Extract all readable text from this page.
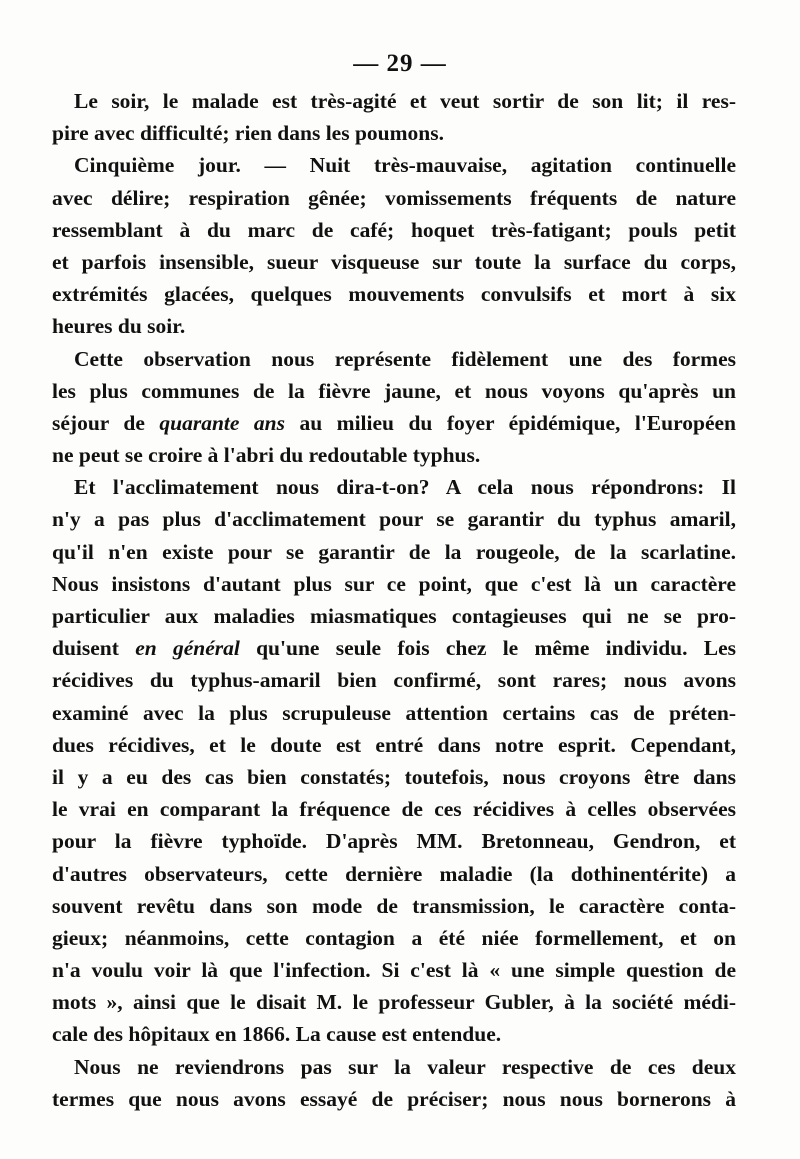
— 29 —
Le soir, le malade est très-agité et veut sortir de son lit; il res-
pire avec difficulté; rien dans les poumons.
Cinquième jour. — Nuit très-mauvaise, agitation continuelle
avec délire; respiration gênée; vomissements fréquents de nature
ressemblant à du marc de café; hoquet très-fatigant; pouls petit
et parfois insensible, sueur visqueuse sur toute la surface du corps,
extrémités glacées, quelques mouvements convulsifs et mort à six
heures du soir.
Cette observation nous représente fidèlement une des formes
les plus communes de la fièvre jaune, et nous voyons qu'après un
séjour de quarante ans au milieu du foyer épidémique, l'Européen
ne peut se croire à l'abri du redoutable typhus.
Et l'acclimatement nous dira-t-on? A cela nous répondrons: Il
n'y a pas plus d'acclimatement pour se garantir du typhus amaril,
qu'il n'en existe pour se garantir de la rougeole, de la scarlatine.
Nous insistons d'autant plus sur ce point, que c'est là un caractère
particulier aux maladies miasmatiques contagieuses qui ne se pro-
duisent en général qu'une seule fois chez le même individu. Les
récidives du typhus-amaril bien confirmé, sont rares; nous avons
examiné avec la plus scrupuleuse attention certains cas de préten-
dues récidives, et le doute est entré dans notre esprit. Cependant,
il y a eu des cas bien constatés; toutefois, nous croyons être dans
le vrai en comparant la fréquence de ces récidives à celles observées
pour la fièvre typhoïde. D'après MM. Bretonneau, Gendron, et
d'autres observateurs, cette dernière maladie (la dothinentérite) a
souvent revêtu dans son mode de transmission, le caractère conta-
gieux; néanmoins, cette contagion a été niée formellement, et on
n'a voulu voir là que l'infection. Si c'est là « une simple question de
mots », ainsi que le disait M. le professeur Gubler, à la société médi-
cale des hôpitaux en 1866. La cause est entendue.
Nous ne reviendrons pas sur la valeur respective de ces deux
termes que nous avons essayé de préciser; nous nous bornerons à
